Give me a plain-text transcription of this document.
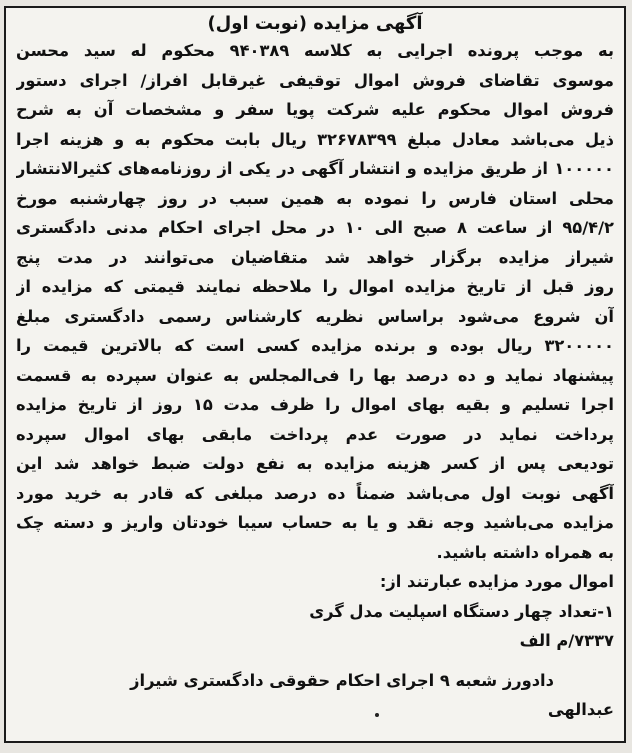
آگهی مزایده (نوبت اول)
به موجب پرونده اجرایی به کلاسه ۹۴۰۳۸۹ محکوم له سید محسن
موسوی تقاضای فروش اموال توقیفی غیرقابل افراز/ اجرای دستور
فروش اموال محکوم علیه شرکت پویا سفر و مشخصات آن به شرح
ذیل می‌باشد معادل مبلغ ۳۲۶۷۸۳۹۹ ریال بابت محکوم به و هزینه اجرا
۱۰۰۰۰۰ از طریق مزایده و انتشار آگهی در یکی از روزنامه‌های کثیرالانتشار
محلی استان فارس را نموده به همین سبب در روز چهارشنبه مورخ
۹۵/۴/۲ از ساعت ۸ صبح الی ۱۰ در محل اجرای احکام مدنی دادگستری
شیراز مزایده برگزار خواهد شد متقاضیان می‌توانند در مدت پنج
روز قبل از تاریخ مزایده اموال را ملاحظه نمایند قیمتی که مزایده از
آن شروع می‌شود براساس نظریه کارشناس رسمی دادگستری مبلغ
۳۲۰۰۰۰۰ ریال بوده و برنده مزایده کسی است که بالاترین قیمت را
پیشنهاد نماید و ده درصد بها را فی‌المجلس به عنوان سپرده به قسمت
اجرا تسلیم و بقیه بهای اموال را ظرف مدت ۱۵ روز از تاریخ مزایده
پرداخت نماید در صورت عدم پرداخت مابقی بهای اموال سپرده
تودیعی پس از کسر هزینه مزایده به نفع دولت ضبط خواهد شد این
آگهی نوبت اول می‌باشد ضمناً ده درصد مبلغی که قادر به خرید مورد
مزایده می‌باشید وجه نقد و یا به حساب سیبا خودتان واریز و دسته چک
به همراه داشته باشید.
اموال مورد مزایده عبارتند از:
۱-تعداد چهار دستگاه اسپلیت مدل گری
۷۳۳۷/م الف
دادورز شعبه ۹ اجرای احکام حقوقی دادگستری شیراز
عبدالهی
